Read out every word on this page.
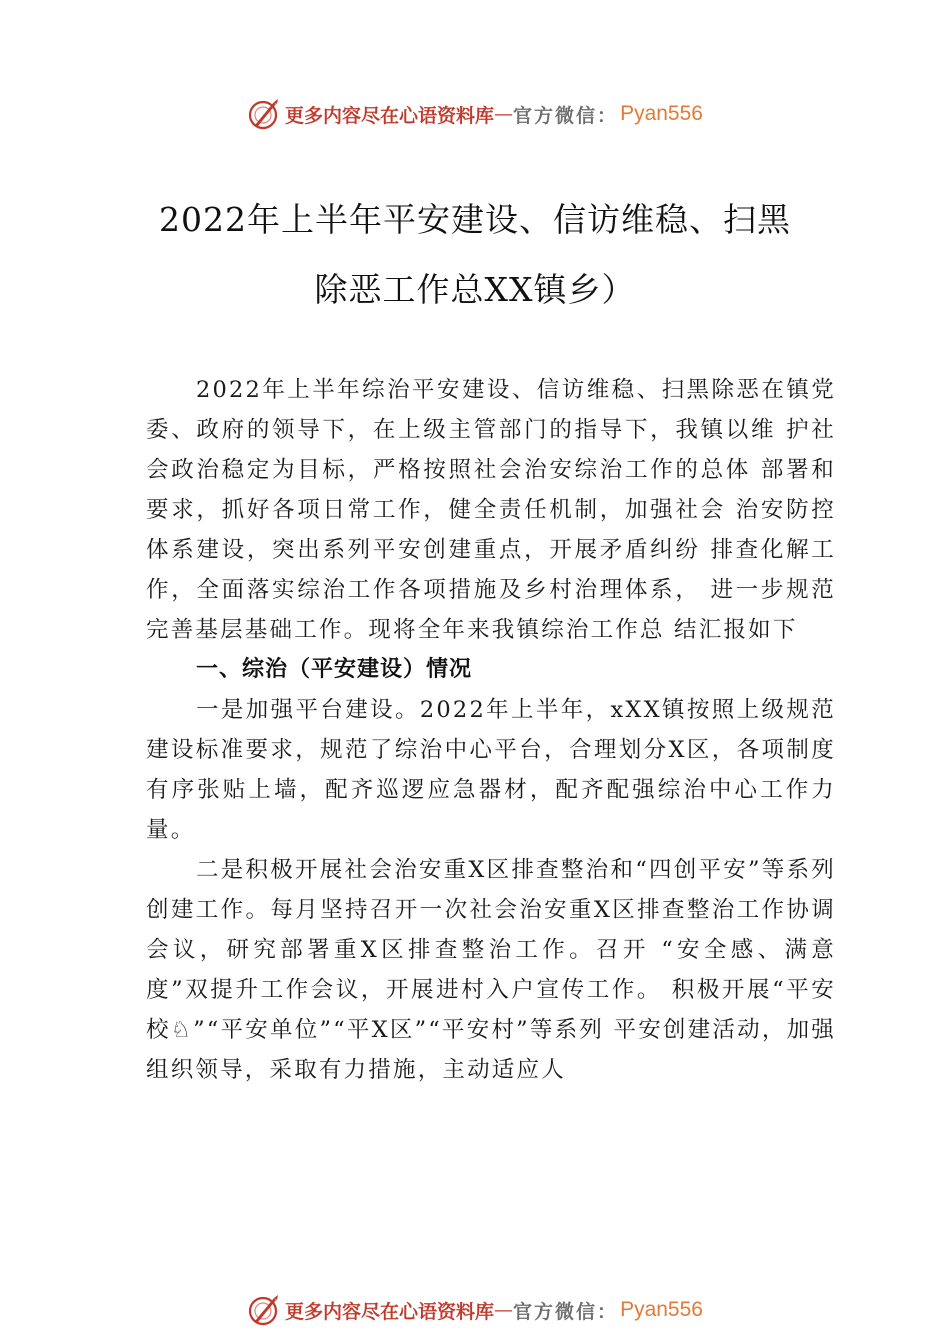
更多内容尽在心语资料库 — 官方微信： Pyan556
2022年上半年平安建设、信访维稳、扫黑
除恶工作总XX镇乡）

2022年上半年综治平安建设、信访维稳、扫黑除恶在镇党委、政府的领导下，在上级主管部门的指导下，我镇以维 护社会政治稳定为目标，严格按照社会治安综治工作的总体 部署和要求，抓好各项日常工作，健全责任机制，加强社会 治安防控体系建设，突出系列平安创建重点，开展矛盾纠纷 排查化解工作，全面落实综治工作各项措施及乡村治理体系， 进一步规范完善基层基础工作。现将全年来我镇综治工作总 结汇报如下

一、综治（平安建设）情况

一是加强平台建设。2022年上半年，xXX镇按照上级规范建设标准要求，规范了综治中心平台，合理划分X区，各项制度有序张贴上墙，配齐巡逻应急器材，配齐配强综治中心工作力量。

二是积极开展社会治安重X区排查整治和“四创平安”等系列创建工作。每月坚持召开一次社会治安重X区排查整治工作协调会议，研究部署重X区排查整治工作。召开 “安全感、满意度”双提升工作会议，开展进村入户宣传工作。 积极开展“平安校♘”“平安单位”“平X区”“平安村”等系列 平安创建活动，加强组织领导，采取有力措施，主动适应人

更多内容尽在心语资料库 — 官方微信： Pyan556
